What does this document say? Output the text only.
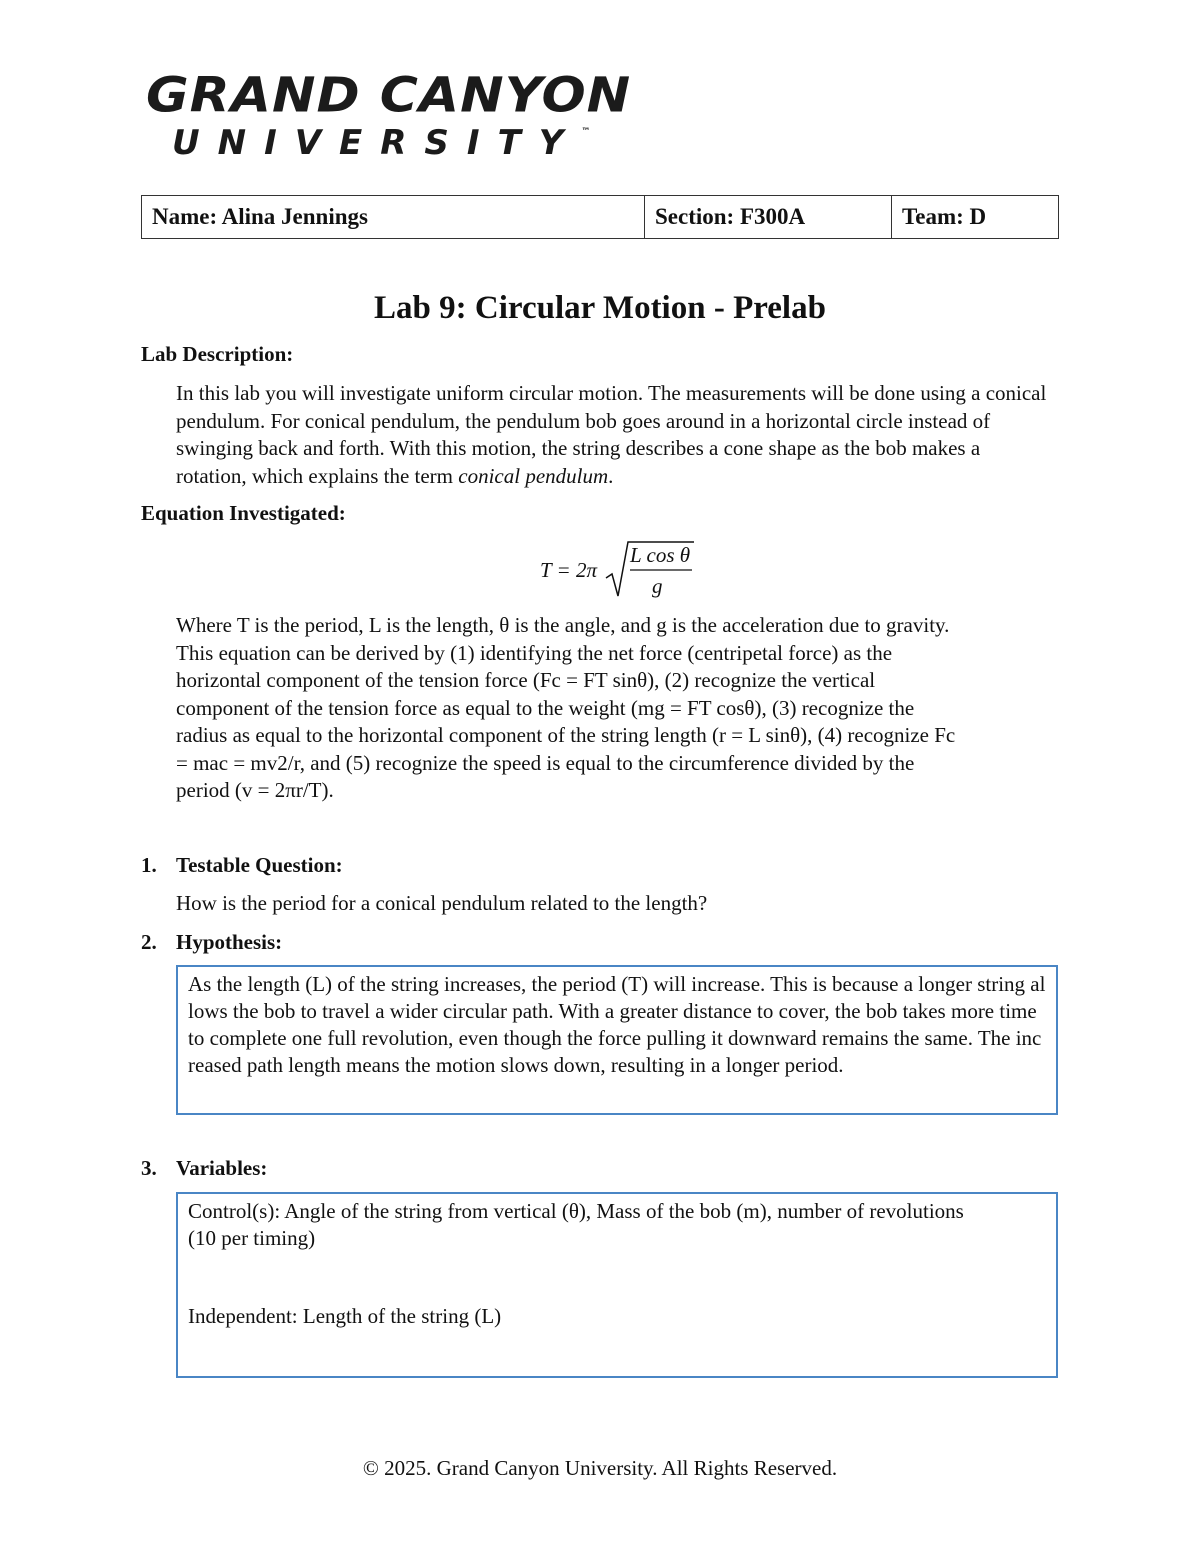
GRAND CANYON
UNIVERSITY™
Name: Alina Jennings	Section: F300A	Team: D
Lab 9: Circular Motion - Prelab
Lab Description:
In this lab you will investigate uniform circular motion. The measurements will be done using a conical pendulum. For conical pendulum, the pendulum bob goes around in a horizontal circle instead of swinging back and forth. With this motion, the string describes a cone shape as the bob makes a rotation, which explains the term conical pendulum.
Equation Investigated:
T = 2π
L cos θ
g
Where T is the period, L is the length, θ is the angle, and g is the acceleration due to gravity.
This equation can be derived by (1) identifying the net force (centripetal force) as the
horizontal component of the tension force (Fc = FT sinθ), (2) recognize the vertical
component of the tension force as equal to the weight (mg = FT cosθ), (3) recognize the
radius as equal to the horizontal component of the string length (r = L sinθ), (4) recognize Fc
= mac = mv2/r, and (5) recognize the speed is equal to the circumference divided by the
period (v = 2πr/T).
1. Testable Question:
How is the period for a conical pendulum related to the length?
2. Hypothesis:
As the length (L) of the string increases, the period (T) will increase. This is because a longer string allows the bob to travel a wider circular path. With a greater distance to cover, the bob takes more time to complete one full revolution, even though the force pulling it downward remains the same. The increased path length means the motion slows down, resulting in a longer period.
3. Variables:
Control(s): Angle of the string from vertical (θ), Mass of the bob (m), number of revolutions (10 per timing)
Independent: Length of the string (L)
© 2025. Grand Canyon University. All Rights Reserved.
